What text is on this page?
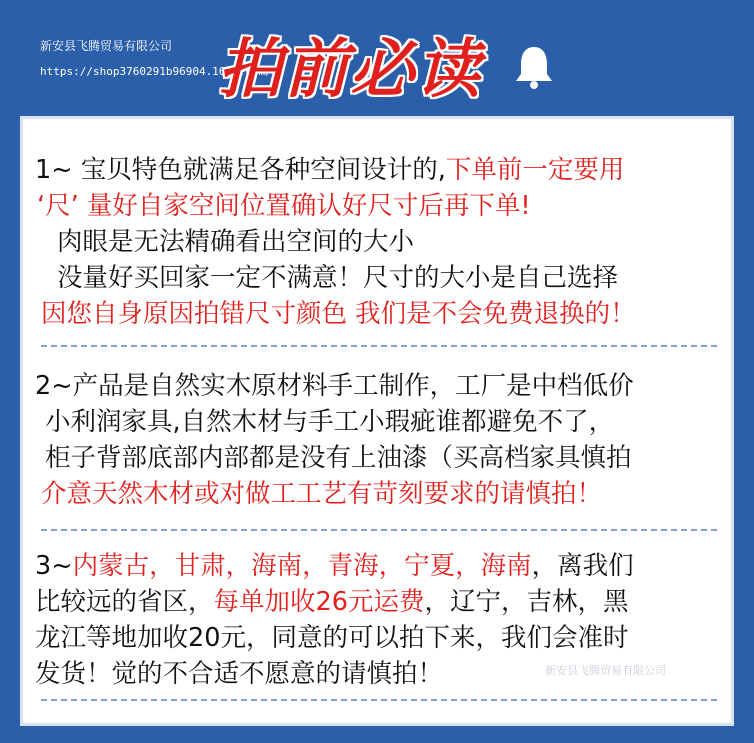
新安县飞腾贸易有限公司
https://shop3760291b96904.1688.com/
拍前必读
1~ 宝贝特色就满足各种空间设计的,下单前一定要用
‘尺’ 量好自家空间位置确认好尺寸后再下单!
肉眼是无法精确看出空间的大小
没量好买回家一定不满意！尺寸的大小是自己选择
因您自身原因拍错尺寸颜色 我们是不会免费退换的！
2~产品是自然实木原材料手工制作，工厂是中档低价
小利润家具,自然木材与手工小瑕疵谁都避免不了，
柜子背部底部内部都是没有上油漆（买高档家具慎拍
介意天然木材或对做工工艺有苛刻要求的请慎拍！
3~内蒙古，甘肃，海南，青海，宁夏，海南，离我们
比较远的省区，每单加收26元运费，辽宁，吉林，黑
龙江等地加收20元，同意的可以拍下来，我们会准时
发货！觉的不合适不愿意的请慎拍！	新安县飞腾贸易有限公司
